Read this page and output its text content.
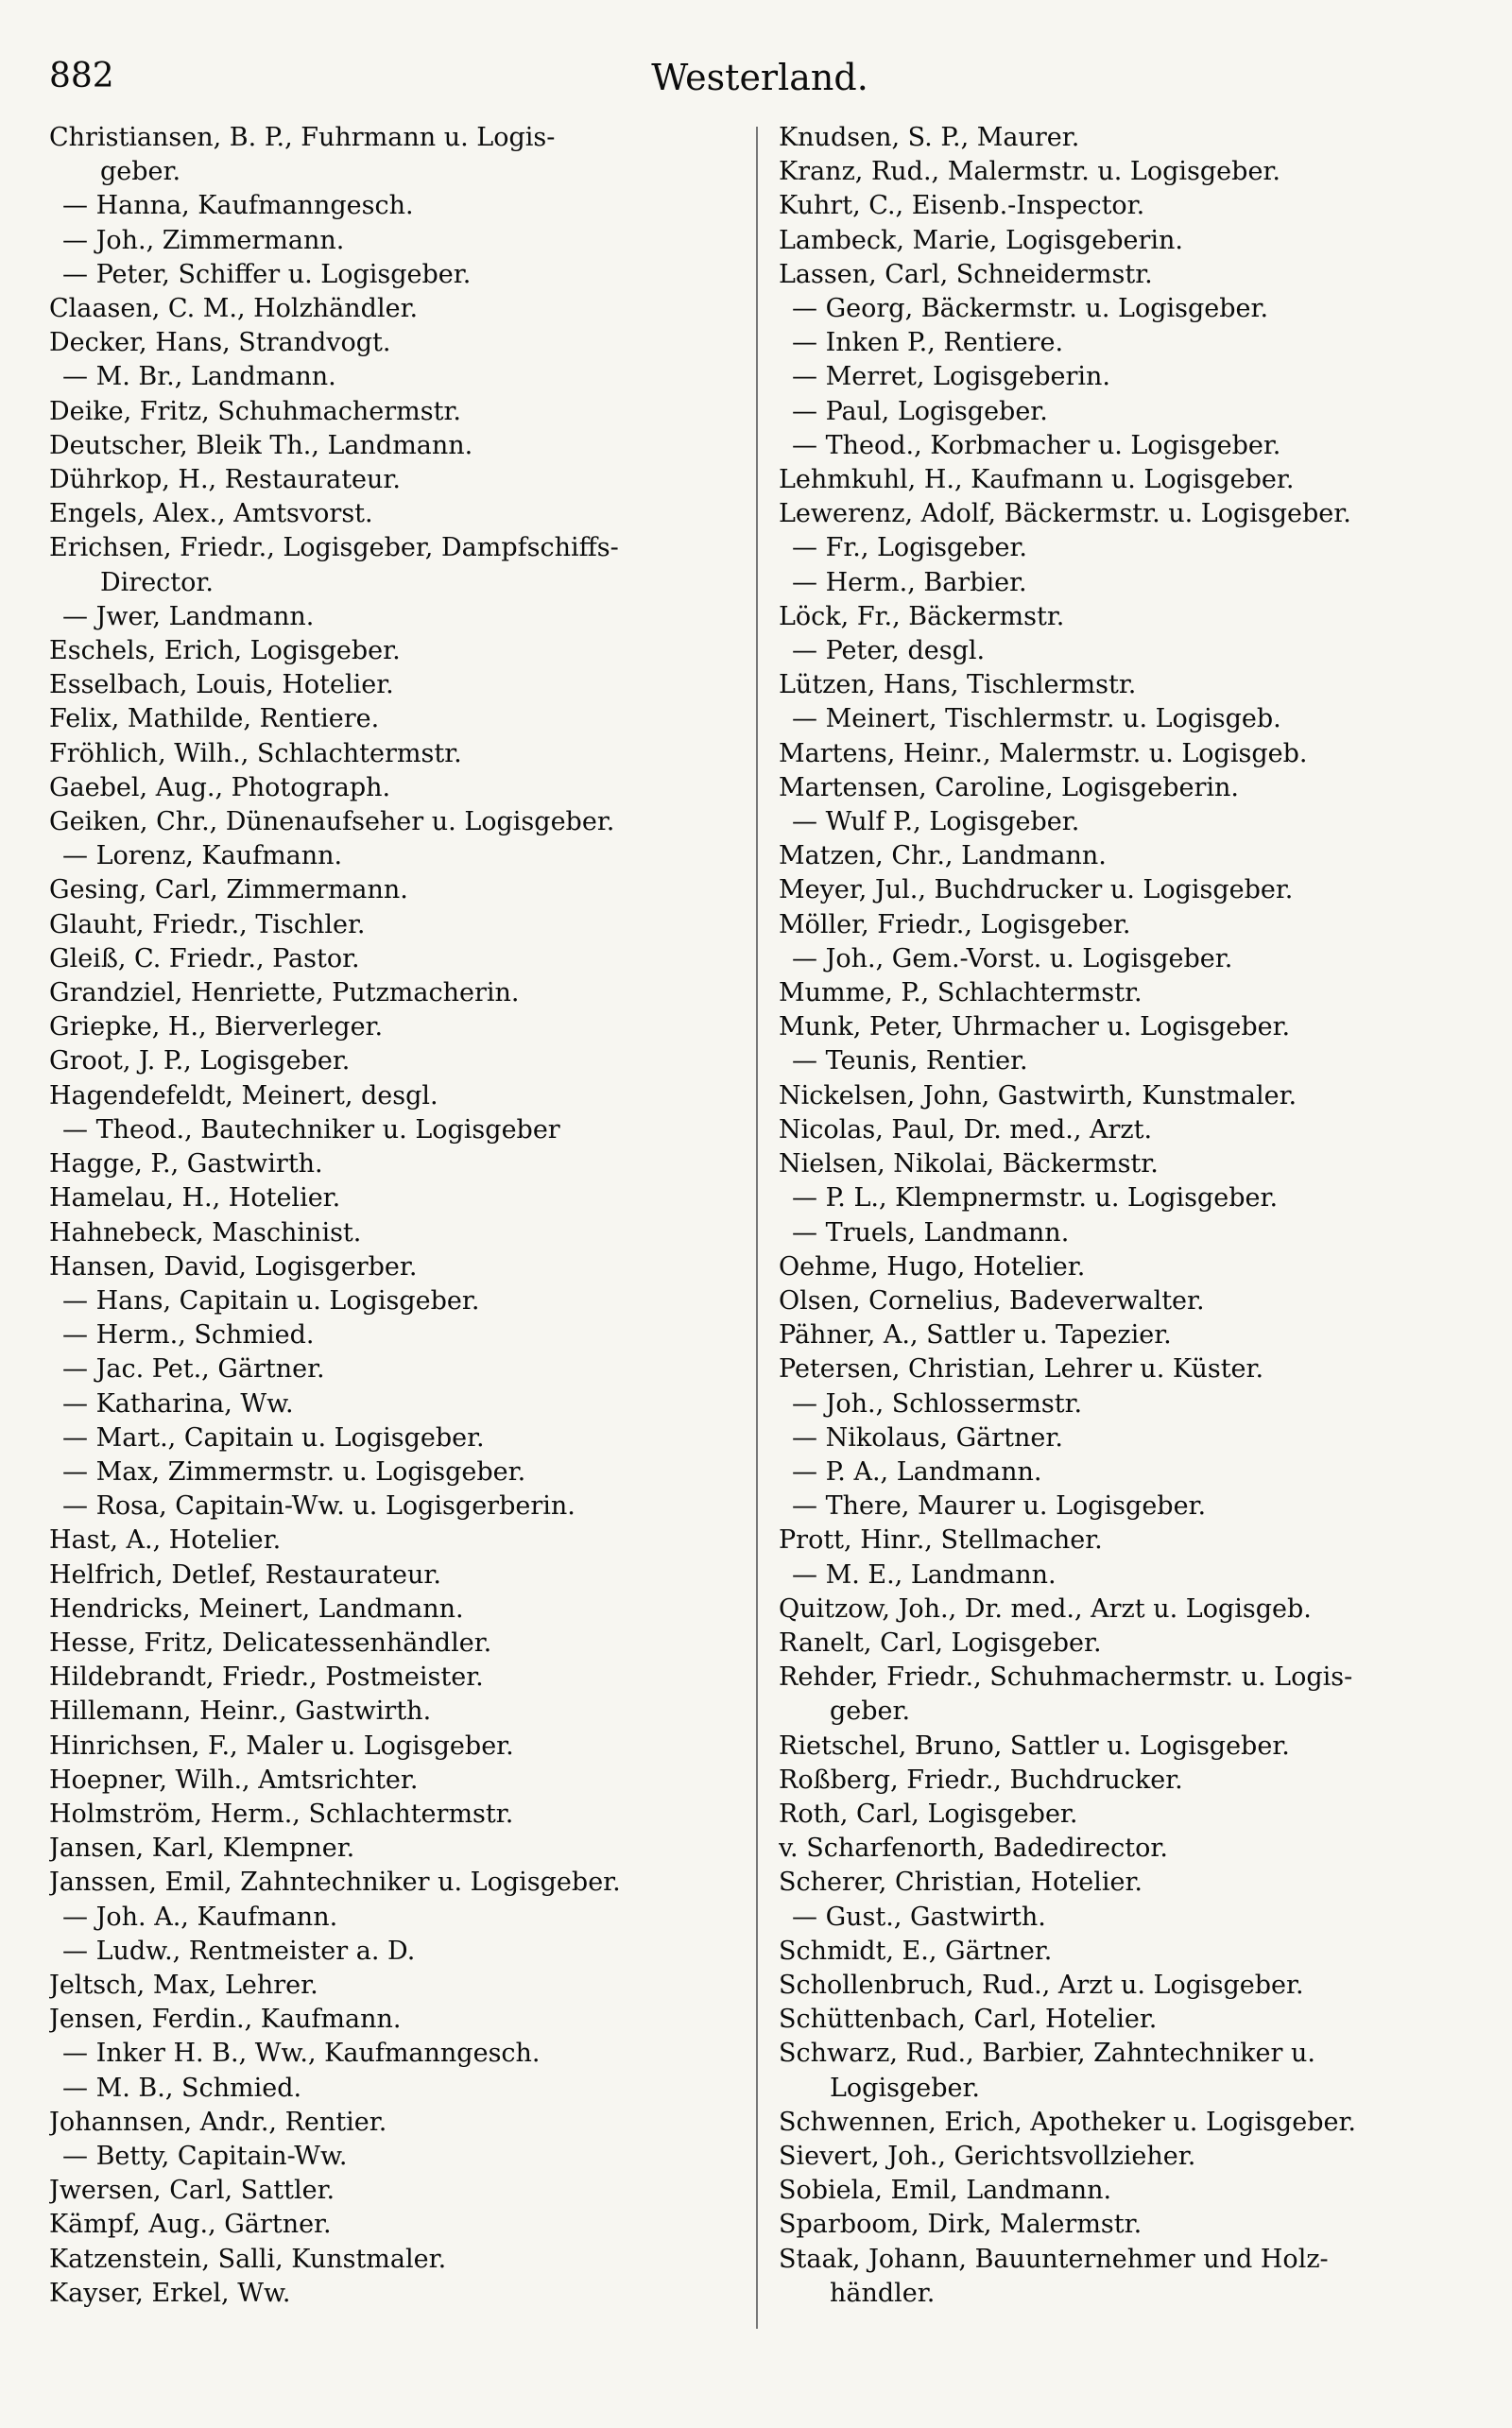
882	Westerland.
Christiansen, B. P., Fuhrmann u. Logis-
geber.
— Hanna, Kaufmanngesch.
— Joh., Zimmermann.
— Peter, Schiffer u. Logisgeber.
Claasen, C. M., Holzhändler.
Decker, Hans, Strandvogt.
— M. Br., Landmann.
Deike, Fritz, Schuhmachermstr.
Deutscher, Bleik Th., Landmann.
Dührkop, H., Restaurateur.
Engels, Alex., Amtsvorst.
Erichsen, Friedr., Logisgeber, Dampfschiffs-
Director.
— Jwer, Landmann.
Eschels, Erich, Logisgeber.
Esselbach, Louis, Hotelier.
Felix, Mathilde, Rentiere.
Fröhlich, Wilh., Schlachtermstr.
Gaebel, Aug., Photograph.
Geiken, Chr., Dünenaufseher u. Logisgeber.
— Lorenz, Kaufmann.
Gesing, Carl, Zimmermann.
Glauht, Friedr., Tischler.
Gleiß, C. Friedr., Pastor.
Grandziel, Henriette, Putzmacherin.
Griepke, H., Bierverleger.
Groot, J. P., Logisgeber.
Hagendefeldt, Meinert, desgl.
— Theod., Bautechniker u. Logisgeber
Hagge, P., Gastwirth.
Hamelau, H., Hotelier.
Hahnebeck, Maschinist.
Hansen, David, Logisgerber.
— Hans, Capitain u. Logisgeber.
— Herm., Schmied.
— Jac. Pet., Gärtner.
— Katharina, Ww.
— Mart., Capitain u. Logisgeber.
— Max, Zimmermstr. u. Logisgeber.
— Rosa, Capitain-Ww. u. Logisgerberin.
Hast, A., Hotelier.
Helfrich, Detlef, Restaurateur.
Hendricks, Meinert, Landmann.
Hesse, Fritz, Delicatessenhändler.
Hildebrandt, Friedr., Postmeister.
Hillemann, Heinr., Gastwirth.
Hinrichsen, F., Maler u. Logisgeber.
Hoepner, Wilh., Amtsrichter.
Holmström, Herm., Schlachtermstr.
Jansen, Karl, Klempner.
Janssen, Emil, Zahntechniker u. Logisgeber.
— Joh. A., Kaufmann.
— Ludw., Rentmeister a. D.
Jeltsch, Max, Lehrer.
Jensen, Ferdin., Kaufmann.
— Inker H. B., Ww., Kaufmanngesch.
— M. B., Schmied.
Johannsen, Andr., Rentier.
— Betty, Capitain-Ww.
Jwersen, Carl, Sattler.
Kämpf, Aug., Gärtner.
Katzenstein, Salli, Kunstmaler.
Kayser, Erkel, Ww.
Knudsen, S. P., Maurer.
Kranz, Rud., Malermstr. u. Logisgeber.
Kuhrt, C., Eisenb.-Inspector.
Lambeck, Marie, Logisgeberin.
Lassen, Carl, Schneidermstr.
— Georg, Bäckermstr. u. Logisgeber.
— Inken P., Rentiere.
— Merret, Logisgeberin.
— Paul, Logisgeber.
— Theod., Korbmacher u. Logisgeber.
Lehmkuhl, H., Kaufmann u. Logisgeber.
Lewerenz, Adolf, Bäckermstr. u. Logisgeber.
— Fr., Logisgeber.
— Herm., Barbier.
Löck, Fr., Bäckermstr.
— Peter, desgl.
Lützen, Hans, Tischlermstr.
— Meinert, Tischlermstr. u. Logisgeb.
Martens, Heinr., Malermstr. u. Logisgeb.
Martensen, Caroline, Logisgeberin.
— Wulf P., Logisgeber.
Matzen, Chr., Landmann.
Meyer, Jul., Buchdrucker u. Logisgeber.
Möller, Friedr., Logisgeber.
— Joh., Gem.-Vorst. u. Logisgeber.
Mumme, P., Schlachtermstr.
Munk, Peter, Uhrmacher u. Logisgeber.
— Teunis, Rentier.
Nickelsen, John, Gastwirth, Kunstmaler.
Nicolas, Paul, Dr. med., Arzt.
Nielsen, Nikolai, Bäckermstr.
— P. L., Klempnermstr. u. Logisgeber.
— Truels, Landmann.
Oehme, Hugo, Hotelier.
Olsen, Cornelius, Badeverwalter.
Pähner, A., Sattler u. Tapezier.
Petersen, Christian, Lehrer u. Küster.
— Joh., Schlossermstr.
— Nikolaus, Gärtner.
— P. A., Landmann.
— There, Maurer u. Logisgeber.
Prott, Hinr., Stellmacher.
— M. E., Landmann.
Quitzow, Joh., Dr. med., Arzt u. Logisgeb.
Ranelt, Carl, Logisgeber.
Rehder, Friedr., Schuhmachermstr. u. Logis-
geber.
Rietschel, Bruno, Sattler u. Logisgeber.
Roßberg, Friedr., Buchdrucker.
Roth, Carl, Logisgeber.
v. Scharfenorth, Badedirector.
Scherer, Christian, Hotelier.
— Gust., Gastwirth.
Schmidt, E., Gärtner.
Schollenbruch, Rud., Arzt u. Logisgeber.
Schüttenbach, Carl, Hotelier.
Schwarz, Rud., Barbier, Zahntechniker u.
Logisgeber.
Schwennen, Erich, Apotheker u. Logisgeber.
Sievert, Joh., Gerichtsvollzieher.
Sobiela, Emil, Landmann.
Sparboom, Dirk, Malermstr.
Staak, Johann, Bauunternehmer und Holz-
händler.
